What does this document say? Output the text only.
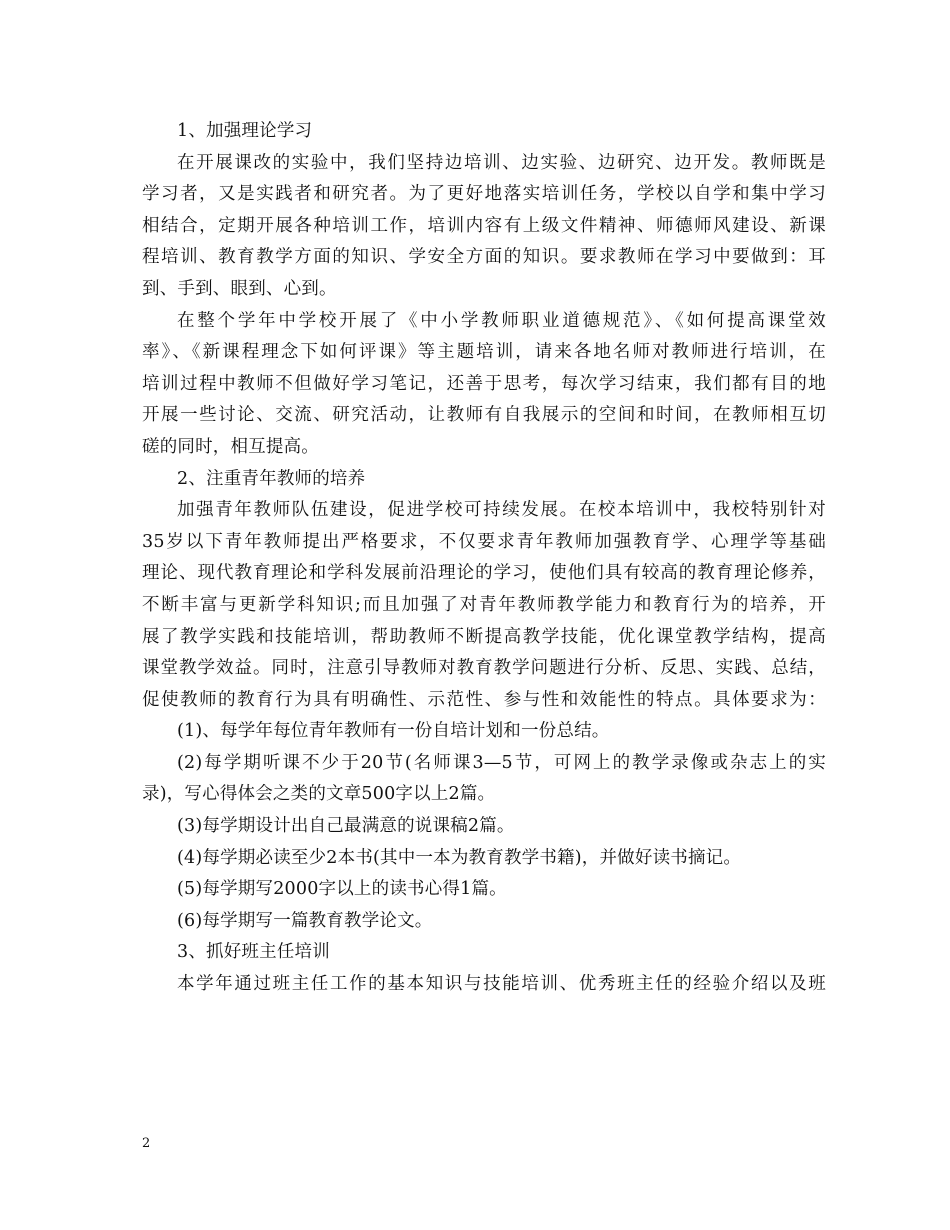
1、加强理论学习
在开展课改的实验中，我们坚持边培训、边实验、边研究、边开发。教师既是
学习者，又是实践者和研究者。为了更好地落实培训任务，学校以自学和集中学习
相结合，定期开展各种培训工作，培训内容有上级文件精神、师德师风建设、新课
程培训、教育教学方面的知识、学安全方面的知识。要求教师在学习中要做到：耳
到、手到、眼到、心到。
在整个学年中学校开展了《中小学教师职业道德规范》、《如何提高课堂效
率》、《新课程理念下如何评课》等主题培训，请来各地名师对教师进行培训，在
培训过程中教师不但做好学习笔记，还善于思考，每次学习结束，我们都有目的地
开展一些讨论、交流、研究活动，让教师有自我展示的空间和时间，在教师相互切
磋的同时，相互提高。
2、注重青年教师的培养
加强青年教师队伍建设，促进学校可持续发展。在校本培训中，我校特别针对
35岁以下青年教师提出严格要求，不仅要求青年教师加强教育学、心理学等基础
理论、现代教育理论和学科发展前沿理论的学习，使他们具有较高的教育理论修养，
不断丰富与更新学科知识;而且加强了对青年教师教学能力和教育行为的培养，开
展了教学实践和技能培训，帮助教师不断提高教学技能，优化课堂教学结构，提高
课堂教学效益。同时，注意引导教师对教育教学问题进行分析、反思、实践、总结，
促使教师的教育行为具有明确性、示范性、参与性和效能性的特点。具体要求为：
(1)、每学年每位青年教师有一份自培计划和一份总结。
(2)每学期听课不少于20节(名师课3—5节，可网上的教学录像或杂志上的实
录)，写心得体会之类的文章500字以上2篇。
(3)每学期设计出自己最满意的说课稿2篇。
(4)每学期必读至少2本书(其中一本为教育教学书籍)，并做好读书摘记。
(5)每学期写2000字以上的读书心得1篇。
(6)每学期写一篇教育教学论文。
3、抓好班主任培训
本学年通过班主任工作的基本知识与技能培训、优秀班主任的经验介绍以及班
2
